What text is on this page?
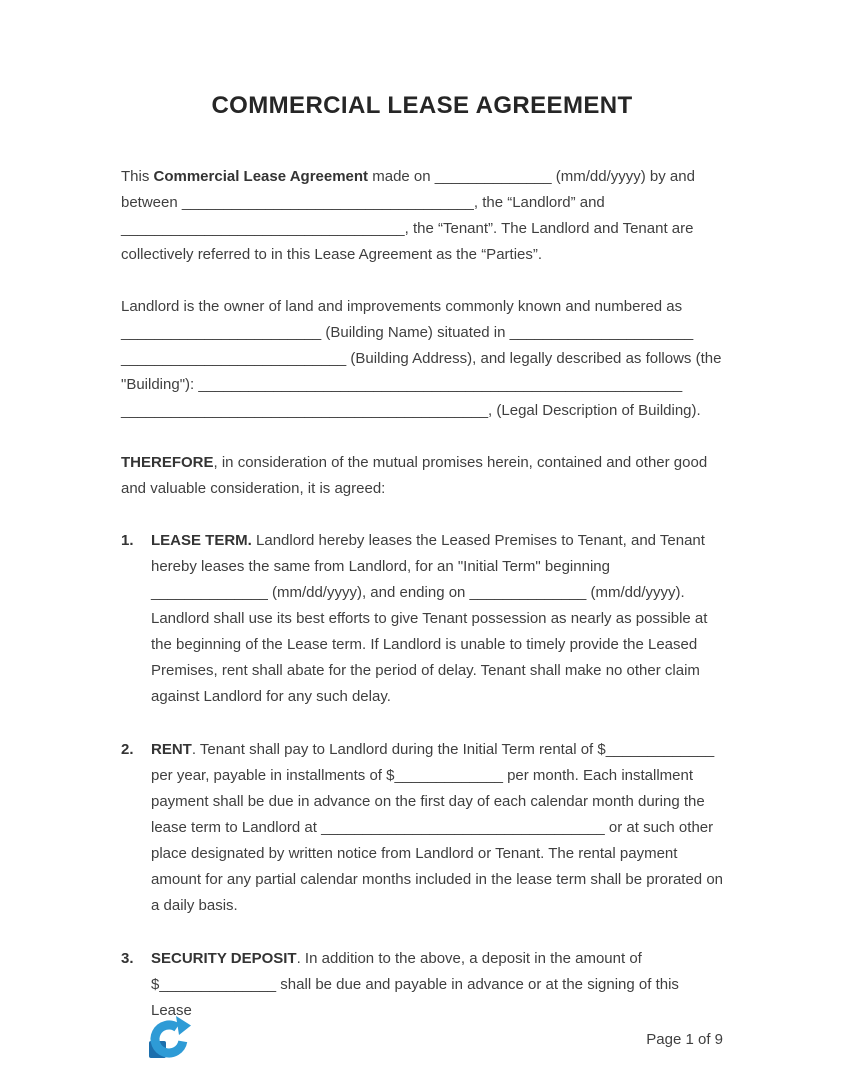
COMMERCIAL LEASE AGREEMENT

This Commercial Lease Agreement made on ______________ (mm/dd/yyyy) by and between ___________________________________, the “Landlord” and __________________________________, the “Tenant”. The Landlord and Tenant are collectively referred to in this Lease Agreement as the “Parties”.

Landlord is the owner of land and improvements commonly known and numbered as ________________________ (Building Name) situated in ______________________ ___________________________ (Building Address), and legally described as follows (the "Building"): __________________________________________________________ ____________________________________________, (Legal Description of Building).

THEREFORE, in consideration of the mutual promises herein, contained and other good and valuable consideration, it is agreed:

1.	LEASE TERM. Landlord hereby leases the Leased Premises to Tenant, and Tenant hereby leases the same from Landlord, for an "Initial Term" beginning ______________ (mm/dd/yyyy), and ending on ______________ (mm/dd/yyyy). Landlord shall use its best efforts to give Tenant possession as nearly as possible at the beginning of the Lease term. If Landlord is unable to timely provide the Leased Premises, rent shall abate for the period of delay. Tenant shall make no other claim against Landlord for any such delay.
2.	RENT. Tenant shall pay to Landlord during the Initial Term rental of $_____________ per year, payable in installments of $_____________ per month. Each installment payment shall be due in advance on the first day of each calendar month during the lease term to Landlord at __________________________________ or at such other place designated by written notice from Landlord or Tenant. The rental payment amount for any partial calendar months included in the lease term shall be prorated on a daily basis.
3.	SECURITY DEPOSIT. In addition to the above, a deposit in the amount of $______________ shall be due and payable in advance or at the signing of this Lease
Page 1 of 9
